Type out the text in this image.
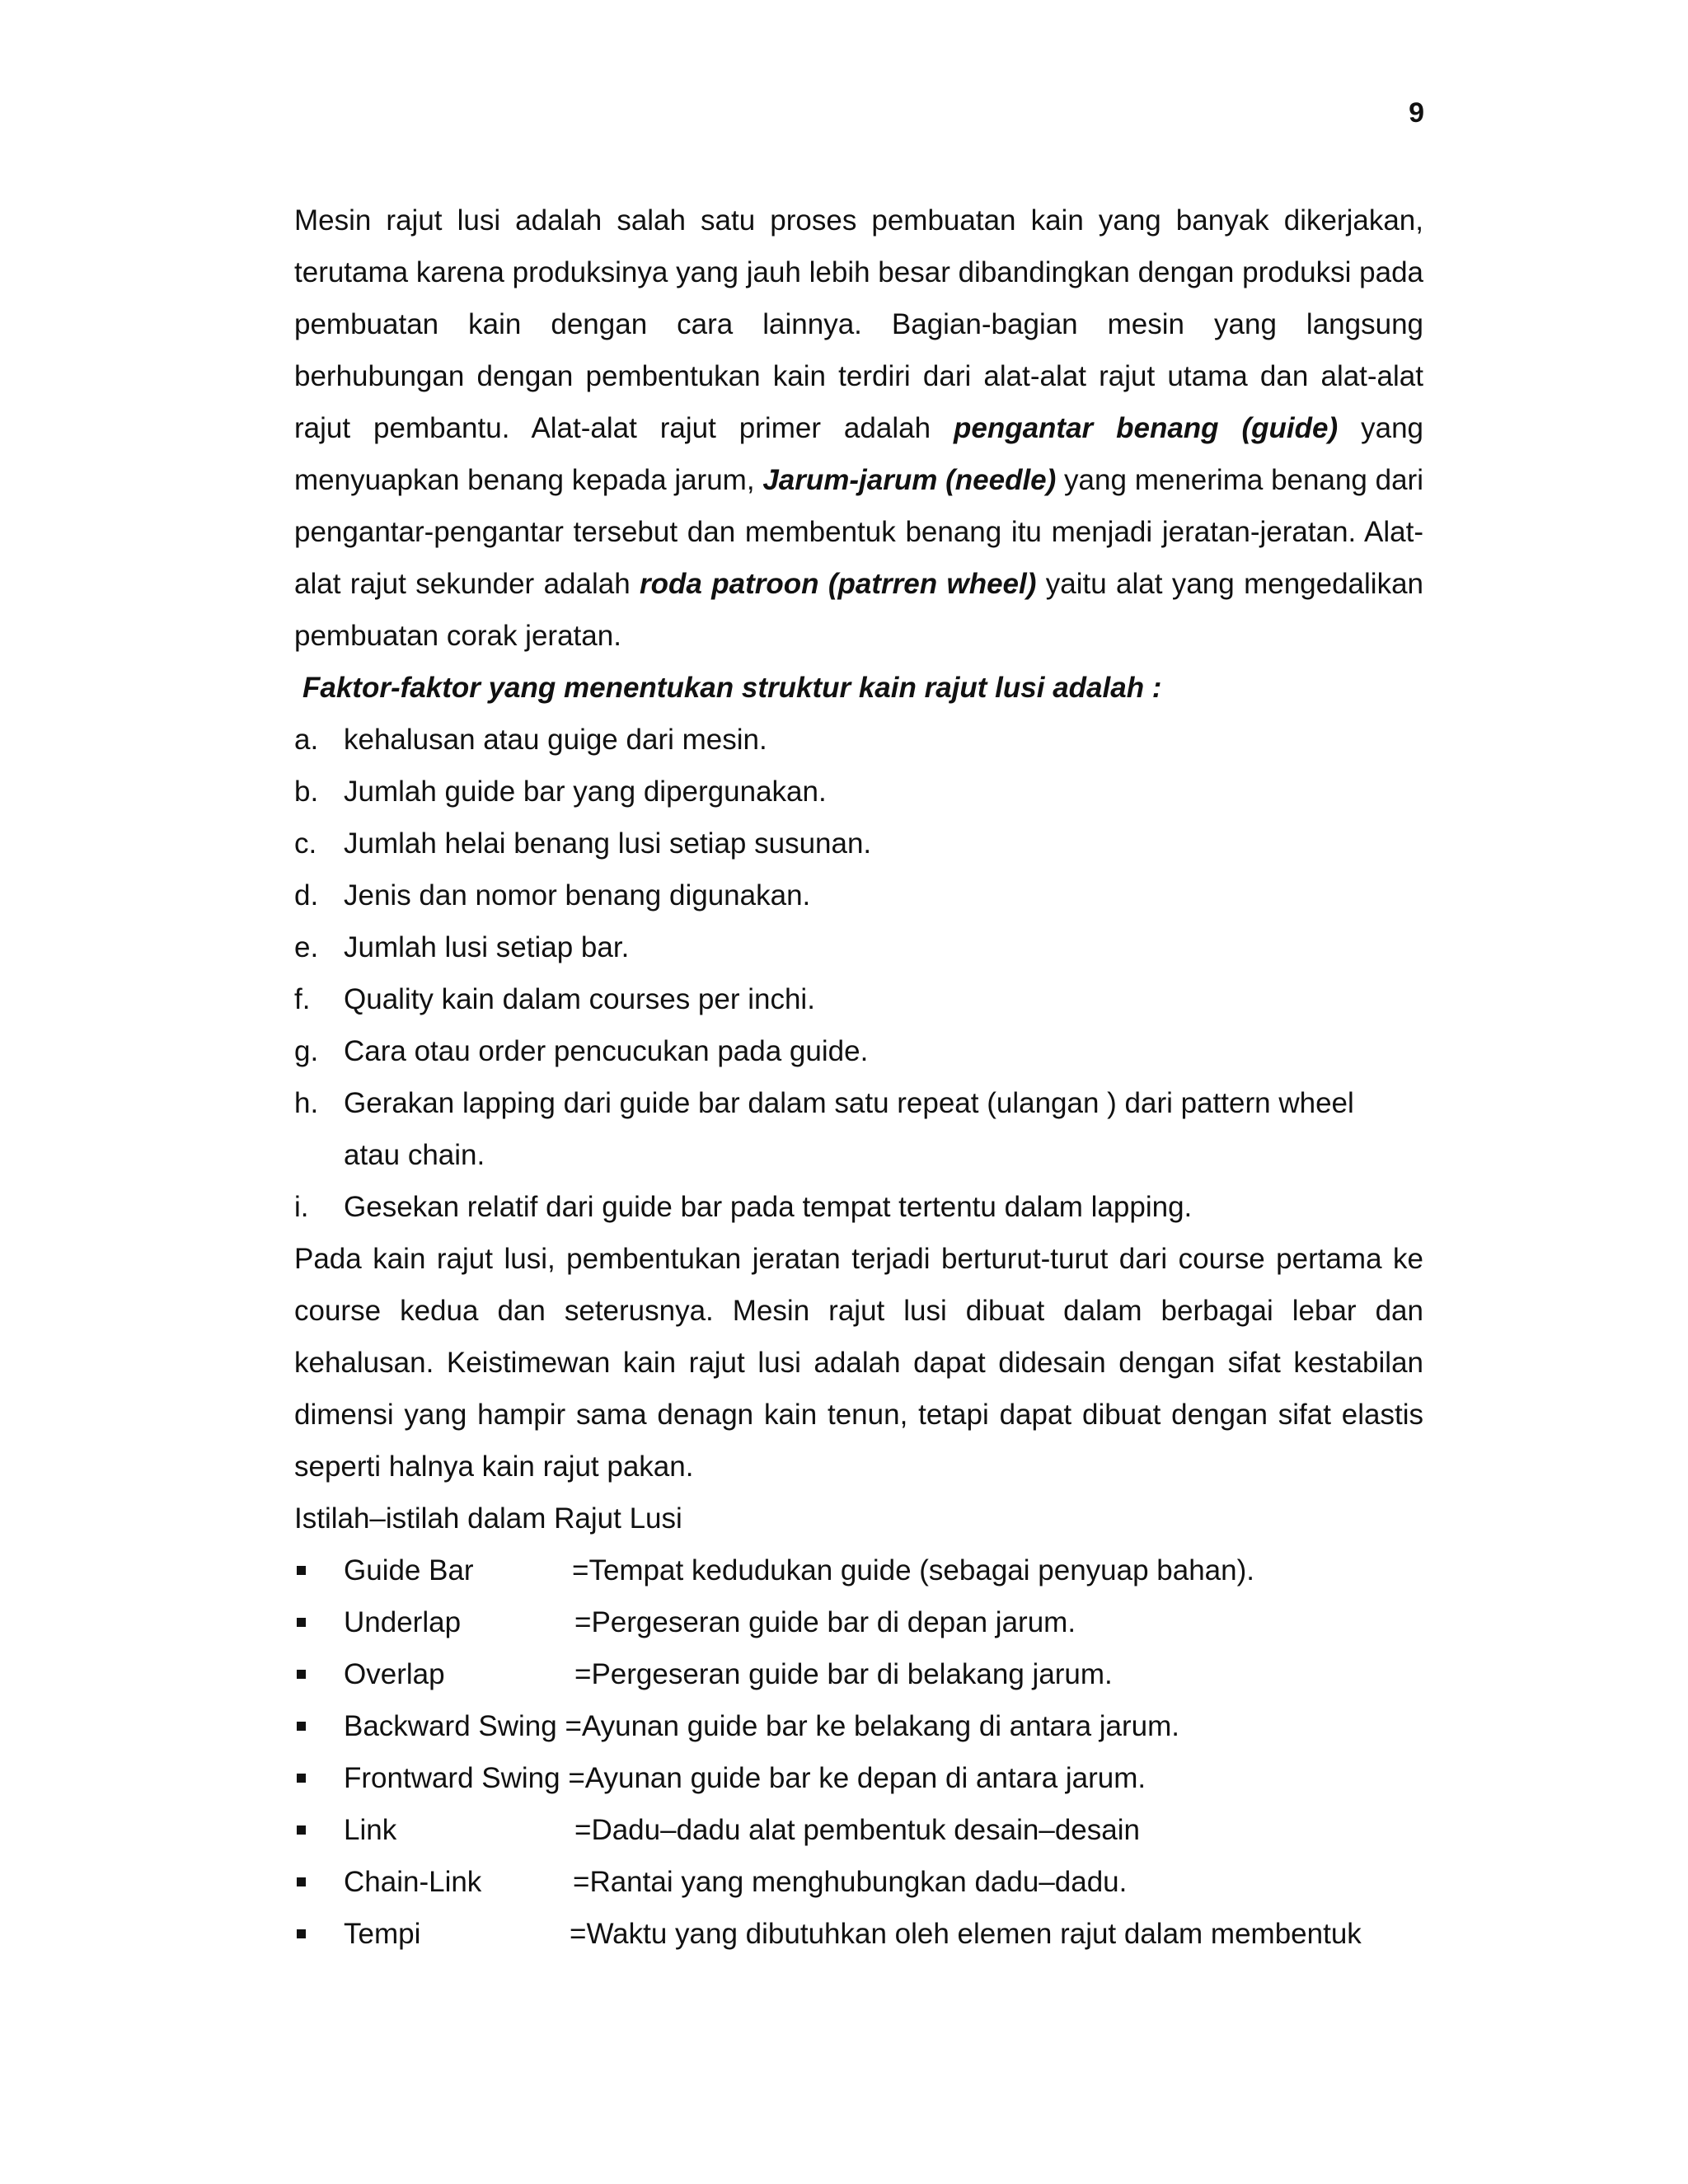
9

Mesin rajut lusi adalah salah satu proses pembuatan kain yang banyak dikerjakan, terutama karena produksinya yang jauh lebih besar dibandingkan dengan produksi pada pembuatan kain dengan cara lainnya. Bagian-bagian mesin yang langsung berhubungan dengan pembentukan kain terdiri dari alat-alat rajut utama dan alat-alat rajut pembantu. Alat-alat rajut primer adalah pengantar benang (guide) yang menyuapkan benang kepada jarum, Jarum-jarum (needle) yang menerima benang dari pengantar-pengantar tersebut dan membentuk benang itu menjadi jeratan-jeratan. Alat-alat rajut sekunder adalah roda patroon (patrren wheel) yaitu alat yang mengedalikan pembuatan corak jeratan.

Faktor-faktor yang menentukan struktur kain rajut lusi adalah :

a. kehalusan atau guige dari mesin.
b. Jumlah guide bar yang dipergunakan.
c. Jumlah helai benang lusi setiap susunan.
d. Jenis dan nomor benang digunakan.
e. Jumlah lusi setiap bar.
f.	Quality kain dalam courses per inchi.
g. Cara otau order pencucukan pada guide.
h. Gerakan lapping dari guide bar dalam satu repeat (ulangan ) dari pattern wheel
atau chain.
i.	Gesekan relatif dari guide bar pada tempat tertentu dalam lapping.

Pada kain rajut lusi, pembentukan jeratan terjadi berturut-turut dari course pertama ke course kedua dan seterusnya. Mesin rajut lusi dibuat dalam berbagai lebar dan kehalusan. Keistimewan kain rajut lusi adalah dapat didesain dengan sifat kestabilan dimensi yang hampir sama denagn kain tenun, tetapi dapat dibuat dengan sifat elastis seperti halnya kain rajut pakan.

Istilah–istilah dalam Rajut Lusi

Guide Bar	=Tempat kedudukan guide (sebagai penyuap bahan).
Underlap	=Pergeseran guide bar di depan jarum.
Overlap	=Pergeseran guide bar di belakang jarum.
Backward Swing =Ayunan guide bar ke belakang di antara jarum.
Frontward Swing =Ayunan guide bar ke depan di antara jarum.
Link	=Dadu–dadu alat pembentuk desain–desain
Chain-Link	=Rantai yang menghubungkan dadu–dadu.
Tempi	=Waktu yang dibutuhkan oleh elemen rajut dalam membentuk
